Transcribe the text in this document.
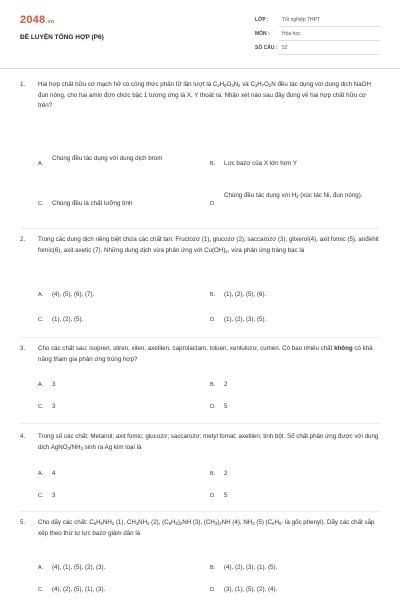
2048.vn
ĐỀ LUYỆN TỔNG HỢP (P6)
LỚP :	Tốt nghiệp THPT
MÔN : Hóa học
SỐ CÂU : 52
1.	Hai hợp chất hữu cơ mạch hở có công thức phân tử lần lượt là $C_2H_8O_3N_2$ và $C_3H_7O_2N$ đều tác dụng với dung dịch NaOH đun nóng, cho hai amin đơn chức bậc 1 tương ứng là X, Y thoát ra. Nhận xét nào sau đây đúng về hai hợp chất hữu cơ trên?
A.
Chúng đều tác dụng với dung dịch brom
B. Lực bazơ của X lớn hơn Y
C. Chúng đều là chất lưỡng tính	D.
Chúng đều tác dụng với $H_2$ (xúc tác Ni, đun nóng).
2.	Trong các dung dịch riêng biệt chứa các chất tan: Fructozơ (1), glucozơ (2), saccarozơ (3), glixerol(4), axit fomic (5), anđehit fomic(6), axit axetic (7). Những dung dịch vừa phản ứng với $Cu(OH)_2$, vừa phản ứng tráng bạc là
A. (4), (5), (6), (7).	B. (1), (2), (5), (6).
C. (1), (2), (5).	D. (1), (2), (3), (5).
3.	Cho các chất sau: isopren, stiren, xilen, axetilen, caprolactam, toluen, xenlulozơ, cumen. Có bao nhiêu chất không có khả năng tham gia phản ứng trùng hợp?
A. 3	B. 2
C. 3	D. 5
4.	Trong số các chất: Metanol; axit fomic; glucozơ; saccarozơ; metyl fomat; axetilen; tinh bột. Số chất phản ứng được với dung dịch $AgNO_3/NH_3$ sinh ra Ag kim loại là
A. 4	B. 2
C. 3	D. 5
5.	Cho dãy các chất: $C_6H_5NH_2$ (1), $CH_3NH_2$ (2), $(C_6H_5)_2NH$ (3), $(CH_3)_2NH$ (4), $NH_3$ (5) ($C_6H_5-$ là gốc phenyl). Dãy các chất sắp xếp theo thứ tự lực bazơ giảm dần là
A. (4), (1), (5), (2), (3).	B. (4), (2), (3), (1), (5).
C. (4), (2), (5), (1), (3).	D. (3), (1), (5), (2), (4).
